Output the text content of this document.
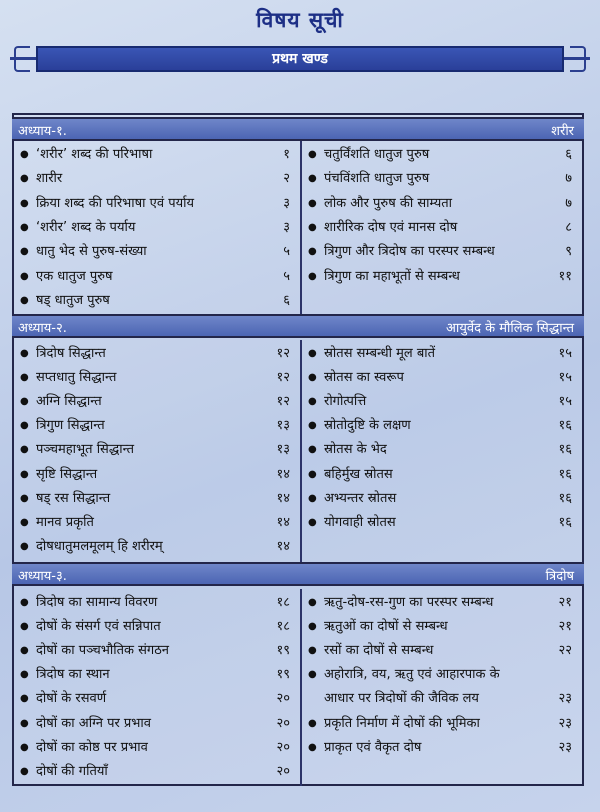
विषय सूची
प्रथम खण्ड
अध्याय-१.	शरीर
● ‘शरीर’ शब्द की परिभाषा	१
● शारीर	२
● क्रिया शब्द की परिभाषा एवं पर्याय	३
● ‘शरीर’ शब्द के पर्याय	३
● धातु भेद से पुरुष-संख्या	५
● एक धातुज पुरुष	५
● षड् धातुज पुरुष	६
● चतुर्विंशति धातुज पुरुष	६
● पंचविंशति धातुज पुरुष	७
● लोक और पुरुष की साम्यता	७
● शारीरिक दोष एवं मानस दोष	८
● त्रिगुण और त्रिदोष का परस्पर सम्बन्ध	९
● त्रिगुण का महाभूतों से सम्बन्ध	११
अध्याय-२.	आयुर्वेद के मौलिक सिद्धान्त
● त्रिदोष सिद्धान्त	१२
● सप्तधातु सिद्धान्त	१२
● अग्नि सिद्धान्त	१२
● त्रिगुण सिद्धान्त	१३
● पञ्चमहाभूत सिद्धान्त	१३
● सृष्टि सिद्धान्त	१४
● षड् रस सिद्धान्त	१४
● मानव प्रकृति	१४
● दोषधातुमलमूलम् हि शरीरम्	१४
● स्रोतस सम्बन्धी मूल बातें	१५
● स्रोतस का स्वरूप	१५
● रोगोत्पत्ति	१५
● स्रोतोदुष्टि के लक्षण	१६
● स्रोतस के भेद	१६
● बहिर्मुख स्रोतस	१६
● अभ्यन्तर स्रोतस	१६
● योगवाही स्रोतस	१६
अध्याय-३.	त्रिदोष
● त्रिदोष का सामान्य विवरण	१८
● दोषों के संसर्ग एवं सन्निपात	१८
● दोषों का पञ्चभौतिक संगठन	१९
● त्रिदोष का स्थान	१९
● दोषों के रसवर्ण	२०
● दोषों का अग्नि पर प्रभाव	२०
● दोषों का कोष्ठ पर प्रभाव	२०
● दोषों की गतियाँ	२०
● ऋतु-दोष-रस-गुण का परस्पर सम्बन्ध	२१
● ऋतुओं का दोषों से सम्बन्ध	२१
● रसों का दोषों से सम्बन्ध	२२
● अहोरात्रि, वय, ऋतु एवं आहारपाक के
आधार पर त्रिदोषों की जैविक लय	२३
● प्रकृति निर्माण में दोषों की भूमिका	२३
● प्राकृत एवं वैकृत दोष	२३
